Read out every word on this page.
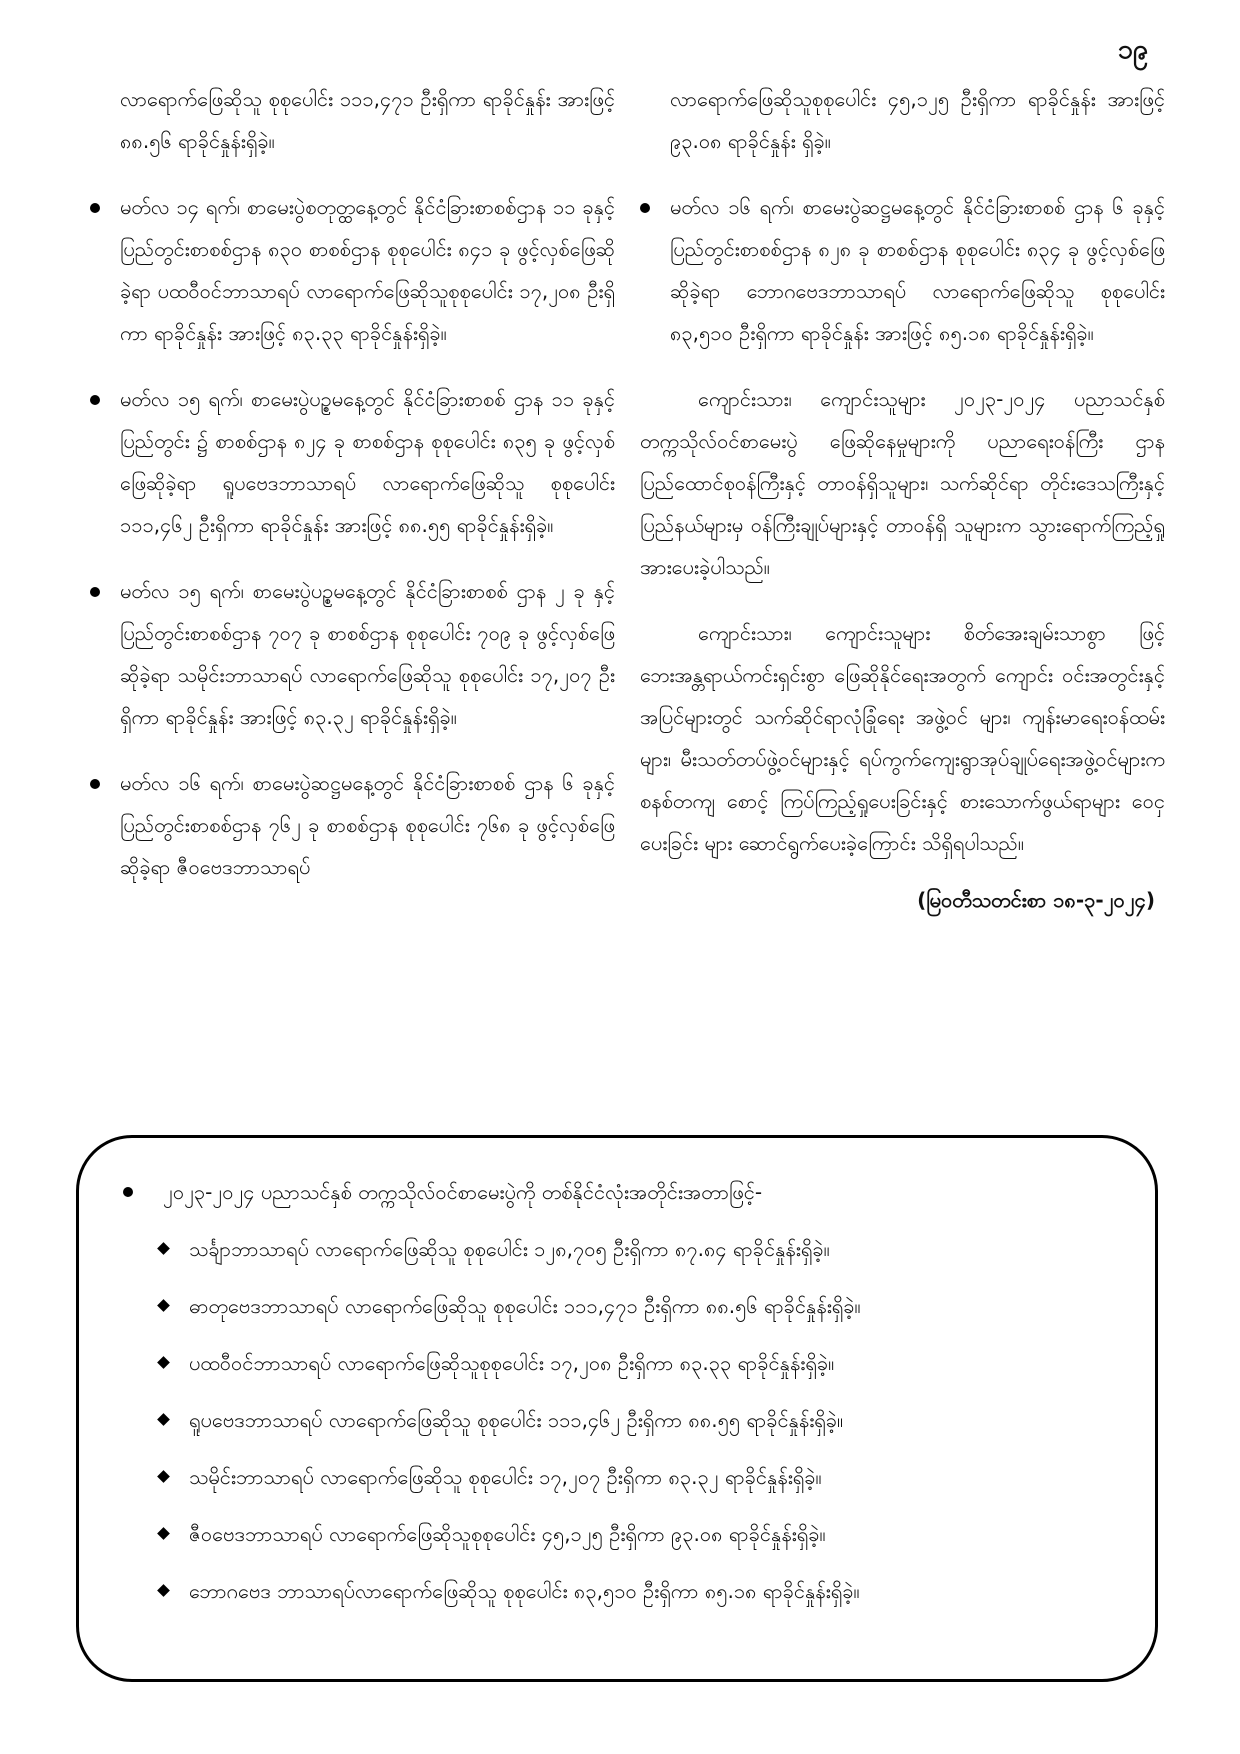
၁၉

လာရောက်ဖြေဆိုသူ စုစုပေါင်း ၁၁၁,၄၇၁ ဦးရှိကာ ရာခိုင်နှုန်း အားဖြင့် ၈၈.၅၆ ရာခိုင်နှုန်းရှိခဲ့။

မတ်လ ၁၄ ရက်၊ စာမေးပွဲစတုတ္ထနေ့တွင် နိုင်ငံခြားစာစစ်ဌာန ၁၁ ခုနှင့် ပြည်တွင်းစာစစ်ဌာန ၈၃၀ စာစစ်ဌာန စုစုပေါင်း ၈၄၁ ခု ဖွင့်လှစ်ဖြေဆိုခဲ့ရာ ပထဝီဝင်ဘာသာရပ် လာရောက်ဖြေဆိုသူစုစုပေါင်း ၁၇,၂၀၈ ဦးရှိကာ ရာခိုင်နှုန်း အားဖြင့် ၈၃.၃၃ ရာခိုင်နှုန်းရှိခဲ့။
မတ်လ ၁၅ ရက်၊ စာမေးပွဲပဉ္စမနေ့တွင် နိုင်ငံခြားစာစစ် ဌာန ၁၁ ခုနှင့် ပြည်တွင်း ၌ စာစစ်ဌာန ၈၂၄ ခု စာစစ်ဌာန စုစုပေါင်း ၈၃၅ ခု ဖွင့်လှစ်ဖြေဆိုခဲ့ရာ ရူပဗေဒဘာသာရပ် လာရောက်ဖြေဆိုသူ စုစုပေါင်း ၁၁၁,၄၆၂ ဦးရှိကာ ရာခိုင်နှုန်း အားဖြင့် ၈၈.၅၅ ရာခိုင်နှုန်းရှိခဲ့။
မတ်လ ၁၅ ရက်၊ စာမေးပွဲပဉ္စမနေ့တွင် နိုင်ငံခြားစာစစ် ဌာန ၂ ခု နှင့် ပြည်တွင်းစာစစ်ဌာန ၇၀၇ ခု စာစစ်ဌာန စုစုပေါင်း ၇၀၉ ခု ဖွင့်လှစ်ဖြေဆိုခဲ့ရာ သမိုင်းဘာသာရပ် လာရောက်ဖြေဆိုသူ စုစုပေါင်း ၁၇,၂၀၇ ဦးရှိကာ ရာခိုင်နှုန်း အားဖြင့် ၈၃.၃၂ ရာခိုင်နှုန်းရှိခဲ့။
မတ်လ ၁၆ ရက်၊ စာမေးပွဲဆဋ္ဌမနေ့တွင် နိုင်ငံခြားစာစစ် ဌာန ၆ ခုနှင့် ပြည်တွင်းစာစစ်ဌာန ၇၆၂ ခု စာစစ်ဌာန စုစုပေါင်း ၇၆၈ ခု ဖွင့်လှစ်ဖြေဆိုခဲ့ရာ ဇီဝဗေဒဘာသာရပ်

လာရောက်ဖြေဆိုသူစုစုပေါင်း ၄၅,၁၂၅ ဦးရှိကာ ရာခိုင်နှုန်း အားဖြင့် ၉၃.၀၈ ရာခိုင်နှုန်း ရှိခဲ့။

မတ်လ ၁၆ ရက်၊ စာမေးပွဲဆဋ္ဌမနေ့တွင် နိုင်ငံခြားစာစစ် ဌာန ၆ ခုနှင့် ပြည်တွင်းစာစစ်ဌာန ၈၂၈ ခု စာစစ်ဌာန စုစုပေါင်း ၈၃၄ ခု ဖွင့်လှစ်ဖြေဆိုခဲ့ရာ ဘောဂဗေဒဘာသာရပ် လာရောက်ဖြေဆိုသူ စုစုပေါင်း ၈၃,၅၁၀ ဦးရှိကာ ရာခိုင်နှုန်း အားဖြင့် ၈၅.၁၈ ရာခိုင်နှုန်းရှိခဲ့။

ကျောင်းသား၊ ကျောင်းသူများ ၂၀၂၃-၂၀၂၄ ပညာသင်နှစ် တက္ကသိုလ်ဝင်စာမေးပွဲ ဖြေဆိုနေမှုများကို ပညာရေးဝန်ကြီး ဌာန ပြည်ထောင်စုဝန်ကြီးနှင့် တာဝန်ရှိသူများ၊ သက်ဆိုင်ရာ တိုင်းဒေသကြီးနှင့် ပြည်နယ်များမှ ဝန်ကြီးချုပ်များနှင့် တာဝန်ရှိ သူများက သွားရောက်ကြည့်ရှုအားပေးခဲ့ပါသည်။

ကျောင်းသား၊ ကျောင်းသူများ စိတ်အေးချမ်းသာစွာ ဖြင့် ဘေးအန္တရာယ်ကင်းရှင်းစွာ ဖြေဆိုနိုင်ရေးအတွက် ကျောင်း ဝင်းအတွင်းနှင့် အပြင်များတွင် သက်ဆိုင်ရာလုံခြုံရေး အဖွဲ့ဝင် များ၊ ကျန်းမာရေးဝန်ထမ်းများ၊ မီးသတ်တပ်ဖွဲ့ဝင်များနှင့် ရပ်ကွက်ကျေးရွာအုပ်ချုပ်ရေးအဖွဲ့ဝင်များက စနစ်တကျ စောင့် ကြပ်ကြည့်ရှုပေးခြင်းနှင့် စားသောက်ဖွယ်ရာများ ဝေငှပေးခြင်း များ ဆောင်ရွက်ပေးခဲ့ကြောင်း သိရှိရပါသည်။

(မြဝတီသတင်းစာ ၁၈-၃-၂၀၂၄)
၂၀၂၃-၂၀၂၄ ပညာသင်နှစ် တက္ကသိုလ်ဝင်စာမေးပွဲကို တစ်နိုင်ငံလုံးအတိုင်းအတာဖြင့်-
သင်္ချာဘာသာရပ် လာရောက်ဖြေဆိုသူ စုစုပေါင်း ၁၂၈,၇၀၅ ဦးရှိကာ ၈၇.၈၄ ရာခိုင်နှုန်းရှိခဲ့။
ဓာတုဗေဒဘာသာရပ် လာရောက်ဖြေဆိုသူ စုစုပေါင်း ၁၁၁,၄၇၁ ဦးရှိကာ ၈၈.၅၆ ရာခိုင်နှုန်းရှိခဲ့။
ပထဝီဝင်ဘာသာရပ် လာရောက်ဖြေဆိုသူစုစုပေါင်း ၁၇,၂၀၈ ဦးရှိကာ ၈၃.၃၃ ရာခိုင်နှုန်းရှိခဲ့။
ရူပဗေဒဘာသာရပ် လာရောက်ဖြေဆိုသူ စုစုပေါင်း ၁၁၁,၄၆၂ ဦးရှိကာ ၈၈.၅၅ ရာခိုင်နှုန်းရှိခဲ့။
သမိုင်းဘာသာရပ် လာရောက်ဖြေဆိုသူ စုစုပေါင်း ၁၇,၂၀၇ ဦးရှိကာ ၈၃.၃၂ ရာခိုင်နှုန်းရှိခဲ့။
ဇီဝဗေဒဘာသာရပ် လာရောက်ဖြေဆိုသူစုစုပေါင်း ၄၅,၁၂၅ ဦးရှိကာ ၉၃.၀၈ ရာခိုင်နှုန်းရှိခဲ့။
ဘောဂဗေဒ ဘာသာရပ်လာရောက်ဖြေဆိုသူ စုစုပေါင်း ၈၃,၅၁၀ ဦးရှိကာ ၈၅.၁၈ ရာခိုင်နှုန်းရှိခဲ့။
